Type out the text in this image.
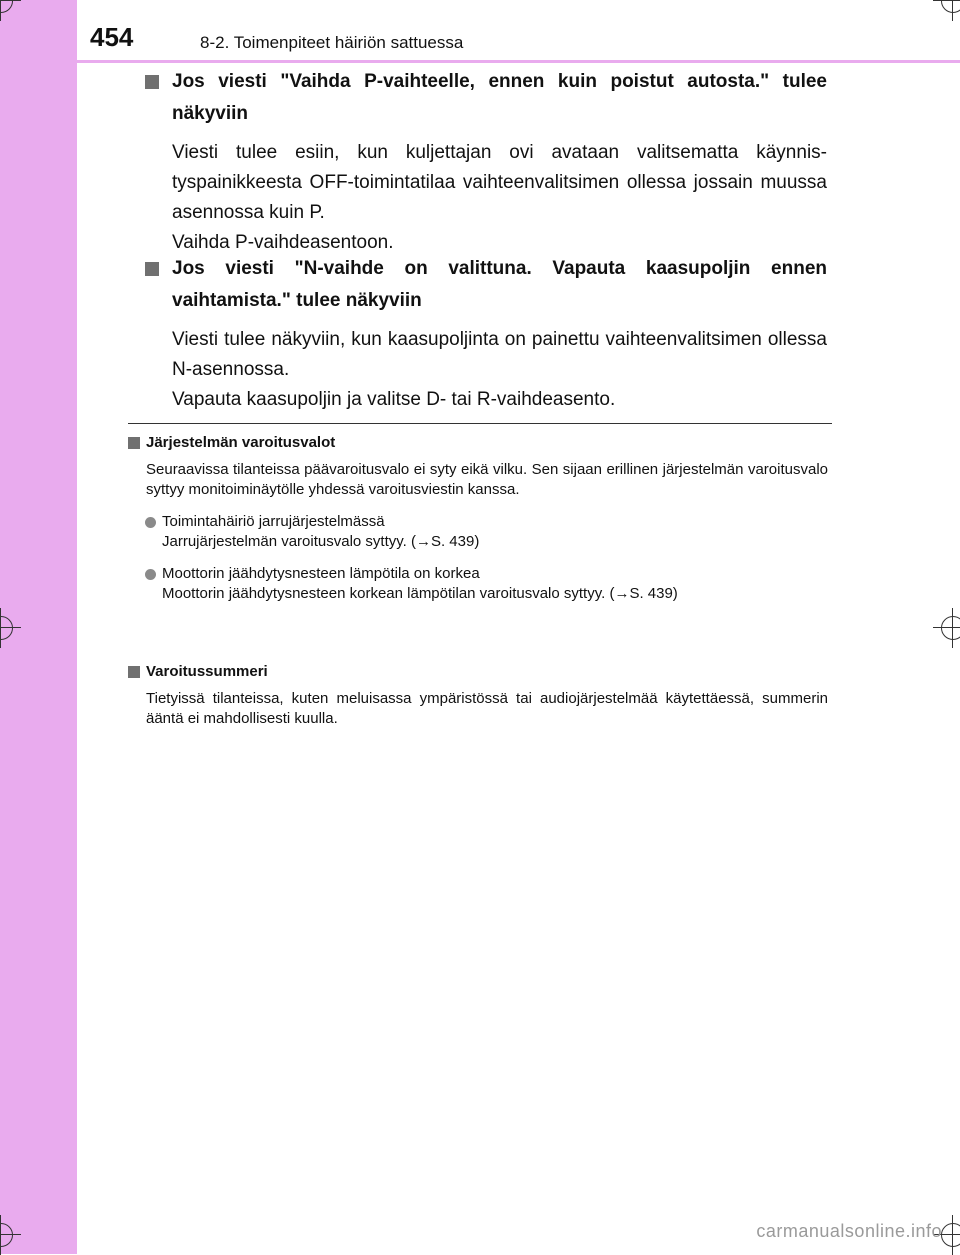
454	8-2. Toimenpiteet häiriön sattuessa
Jos viesti "Vaihda P-vaihteelle, ennen kuin poistut autosta." tulee näkyviin

Viesti tulee esiin, kun kuljettajan ovi avataan valitsematta käynnistyspainikkeesta OFF-toimintatilaa vaihteenvalitsimen ollessa jossain muussa asennossa kuin P.

Vaihda P-vaihdeasentoon.

Jos viesti "N-vaihde on valittuna. Vapauta kaasupoljin ennen vaihtamista." tulee näkyviin

Viesti tulee näkyviin, kun kaasupoljinta on painettu vaihteenvalitsimen ollessa N-asennossa.

Vapauta kaasupoljin ja valitse D- tai R-vaihdeasento.

Järjestelmän varoitusvalot
Seuraavissa tilanteissa päävaroitusvalo ei syty eikä vilku. Sen sijaan erillinen järjestelmän varoitusvalo syttyy monitoiminäytölle yhdessä varoitusviestin kanssa.

Toimintahäiriö jarrujärjestelmässä

Jarrujärjestelmän varoitusvalo syttyy. (→S. 439)

Moottorin jäähdytysnesteen lämpötila on korkea

Moottorin jäähdytysnesteen korkean lämpötilan varoitusvalo syttyy. (→S. 439)

Varoitussummeri
Tietyissä tilanteissa, kuten meluisassa ympäristössä tai audiojärjestelmää käytettäessä, summerin ääntä ei mahdollisesti kuulla.
carmanualsonline.info
